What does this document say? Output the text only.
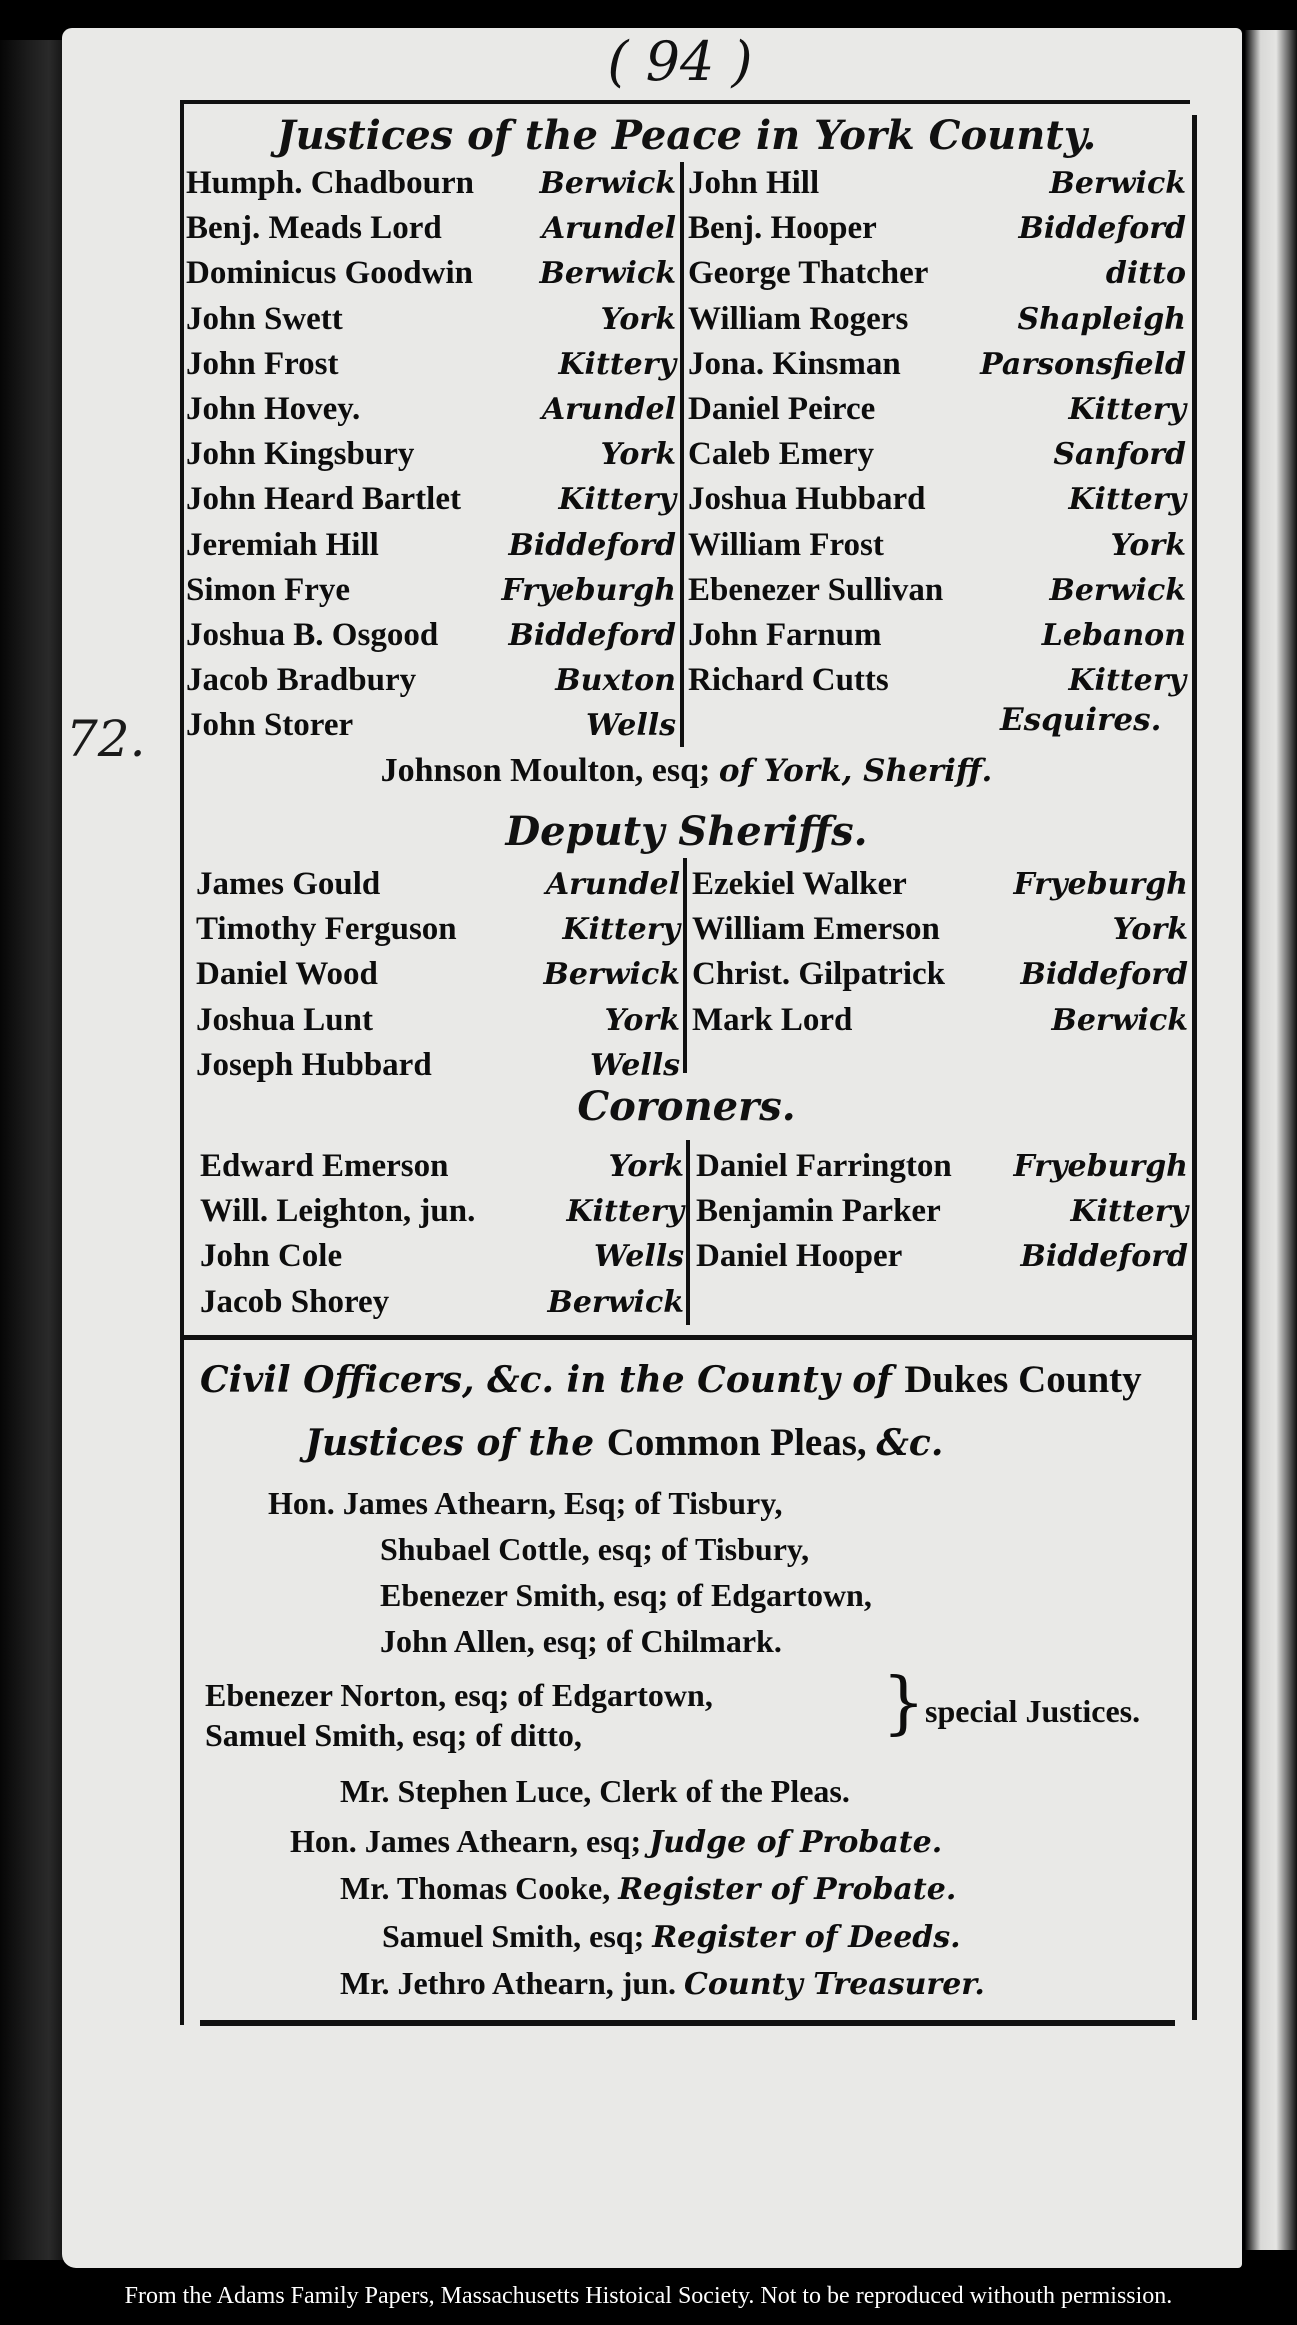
( 94 )
72.
Justices of the Peace in York County.
Humph. Chadbourn Berwick
Benj. Meads Lord	Arundel
Dominicus Goodwin Berwick
John Swett	York
John Frost	Kittery
John Hovey.	Arundel
John Kingsbury	York
John Heard Bartlet	Kittery
Jeremiah Hill	Biddeford
Simon Frye	Fryeburgh
Joshua B. Osgood Biddeford
Jacob Bradbury	Buxton
John Storer	Wells
John Hill	Berwick
Benj. Hooper	Biddeford
George Thatcher	ditto
William Rogers	Shapleigh
Jona. Kinsman	Parsonsfield
Daniel Peirce	Kittery
Caleb Emery	Sanford
Joshua Hubbard	Kittery
William Frost	York
Ebenezer Sullivan	Berwick
John Farnum	Lebanon
Richard Cutts	Kittery
Esquires.
Johnson Moulton, esq; of York, Sheriff.
Deputy Sheriffs.
James Gould	Arundel
Timothy Ferguson	Kittery
Daniel Wood	Berwick
Joshua Lunt	York
Joseph Hubbard	Wells
Ezekiel Walker	Fryeburgh
William Emerson	York
Christ. Gilpatrick	Biddeford
Mark Lord	Berwick
Coroners.
Edward Emerson	York
Will. Leighton, jun.	Kittery
John Cole	Wells
Jacob Shorey	Berwick
Daniel Farrington Fryeburgh
Benjamin Parker	Kittery
Daniel Hooper	Biddeford
Civil Officers, &c. in the County of Dukes County
Justices of the Common Pleas, &c.
Hon. James Athearn, Esq; of Tisbury,
Shubael Cottle, esq; of Tisbury,
Ebenezer Smith, esq; of Edgartown,
John Allen, esq; of Chilmark.
Ebenezer Norton, esq; of Edgartown,
Samuel Smith, esq; of ditto,	} special Justices.
Mr. Stephen Luce, Clerk of the Pleas.
Hon. James Athearn, esq; Judge of Probate.
Mr. Thomas Cooke, Register of Probate.
Samuel Smith, esq; Register of Deeds.
Mr. Jethro Athearn, jun. County Treasurer.
From the Adams Family Papers, Massachusetts Histoical Society. Not to be reproduced withouth permission.
